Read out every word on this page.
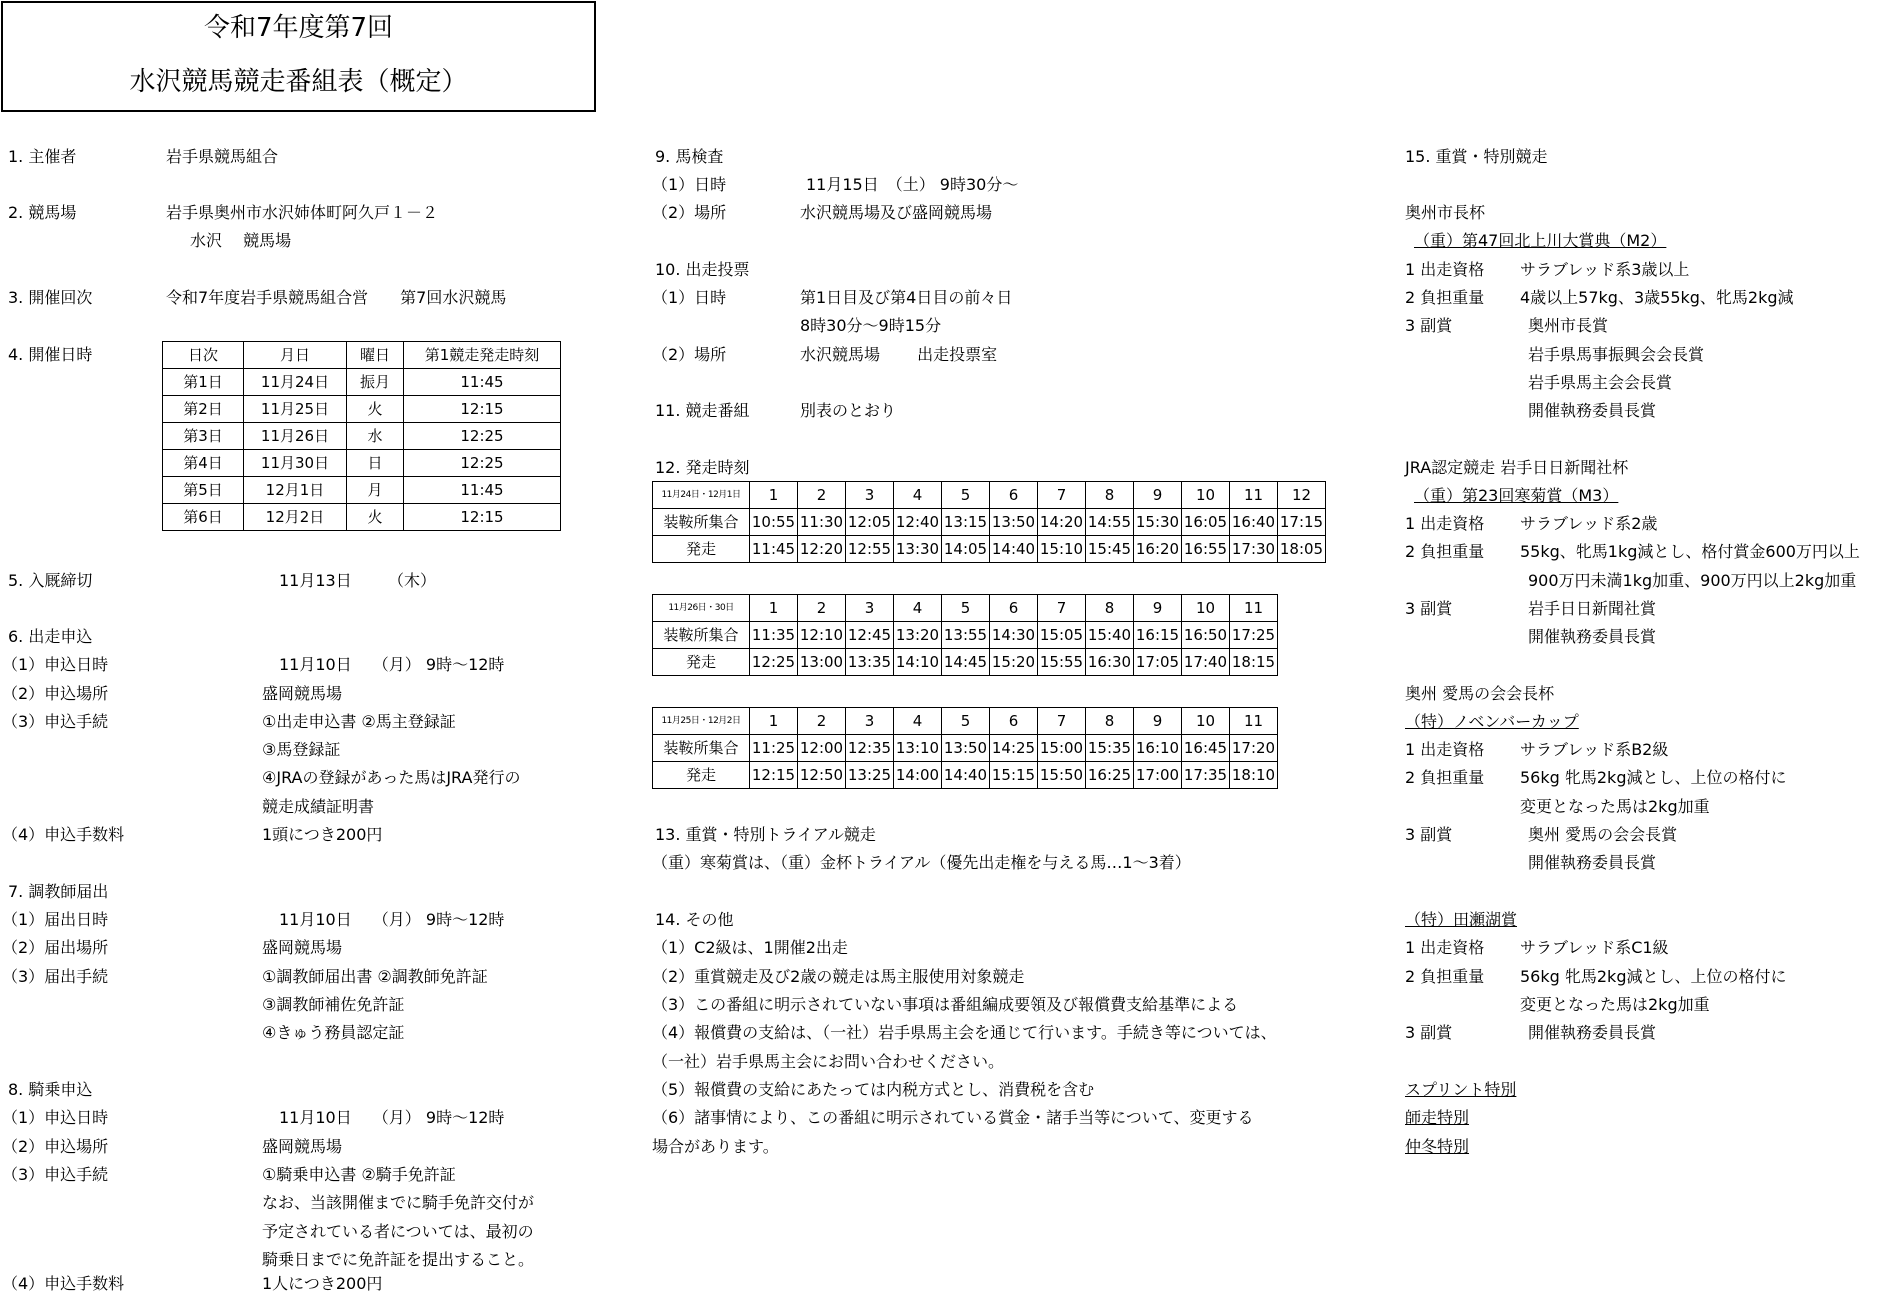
令和7年度第7回
水沢競馬競走番組表（概定）
1. 主催者	岩手県競馬組合
2. 競馬場	岩手県奥州市水沢姉体町阿久戸１－２
水沢　 競馬場
3. 開催回次	令和7年度岩手県競馬組合営　　第7回水沢競馬
4. 開催日時	日次	月日	曜日	第1競走発走時刻
第1日	11月24日	振月	11:45
第2日	11月25日	火	12:15
第3日	11月26日	水	12:25
第4日	11月30日	日	12:25
第5日	12月1日	月	11:45
第6日	12月2日	火	12:15
5. 入厩締切	11月13日 （木）
6. 出走申込
（1）申込日時	11月10日　 （月） 9時～12時
（2）申込場所	盛岡競馬場
（3）申込手続	①出走申込書 ②馬主登録証
③馬登録証
④JRAの登録があった馬はJRA発行の
競走成績証明書
（4）申込手数料	1頭につき200円
7. 調教師届出
（1）届出日時	11月10日　 （月） 9時～12時
（2）届出場所	盛岡競馬場
（3）届出手続	①調教師届出書 ②調教師免許証
③調教師補佐免許証
④きゅう務員認定証
8. 騎乗申込
（1）申込日時	11月10日　 （月） 9時～12時
（2）申込場所	盛岡競馬場
（3）申込手続	①騎乗申込書 ②騎手免許証
なお、当該開催までに騎手免許交付が
予定されている者については、最初の
騎乗日までに免許証を提出すること。
（4）申込手数料	1人につき200円
9. 馬検査
（1）日時	11月15日　（土） 9時30分～
（2）場所	水沢競馬場及び盛岡競馬場
10. 出走投票
（1）日時	第1日目及び第4日目の前々日
8時30分～9時15分
（2）場所	水沢競馬場　　 出走投票室
11. 競走番組	別表のとおり
12. 発走時刻
11月24日・12月1日	1	2	3	4	5	6	7	8	9	10	11	12
装鞍所集合	10:55	11:30	12:05	12:40	13:15	13:50	14:20	14:55	15:30	16:05	16:40	17:15
発走	11:45	12:20	12:55	13:30	14:05	14:40	15:10	15:45	16:20	16:55	17:30	18:05
11月26日・30日	1	2	3	4	5	6	7	8	9	10	11
装鞍所集合	11:35	12:10	12:45	13:20	13:55	14:30	15:05	15:40	16:15	16:50	17:25
発走	12:25	13:00	13:35	14:10	14:45	15:20	15:55	16:30	17:05	17:40	18:15
11月25日・12月2日	1	2	3	4	5	6	7	8	9	10	11
装鞍所集合	11:25	12:00	12:35	13:10	13:50	14:25	15:00	15:35	16:10	16:45	17:20
発走	12:15	12:50	13:25	14:00	14:40	15:15	15:50	16:25	17:00	17:35	18:10
13. 重賞・特別トライアル競走
（重）寒菊賞は、（重）金杯トライアル（優先出走権を与える馬…1～3着）
14. その他
（1）C2級は、1開催2出走
（2）重賞競走及び2歳の競走は馬主服使用対象競走
（3）この番組に明示されていない事項は番組編成要領及び報償費支給基準による
（4）報償費の支給は、（一社）岩手県馬主会を通じて行います。手続き等については、
（一社）岩手県馬主会にお問い合わせください。
（5）報償費の支給にあたっては内税方式とし、消費税を含む
（6）諸事情により、この番組に明示されている賞金・諸手当等について、変更する
場合があります。
15. 重賞・特別競走
奥州市長杯
（重）第47回北上川大賞典（M2）
1 出走資格 サラブレッド系3歳以上
2 負担重量 4歳以上57kg、3歳55kg、牝馬2kg減
3 副賞	奥州市長賞
岩手県馬事振興会会長賞
岩手県馬主会会長賞
開催執務委員長賞
JRA認定競走 岩手日日新聞社杯
（重）第23回寒菊賞（M3）
1 出走資格 サラブレッド系2歳
2 負担重量 55kg、牝馬1kg減とし、格付賞金600万円以上
900万円未満1kg加重、900万円以上2kg加重
3 副賞	岩手日日新聞社賞
開催執務委員長賞
奥州 愛馬の会会長杯
（特）ノベンバーカップ
1 出走資格 サラブレッド系B2級
2 負担重量 56kg 牝馬2kg減とし、上位の格付に
変更となった馬は2kg加重
3 副賞	奥州 愛馬の会会長賞
開催執務委員長賞
（特）田瀬湖賞
1 出走資格 サラブレッド系C1級
2 負担重量 56kg 牝馬2kg減とし、上位の格付に
変更となった馬は2kg加重
3 副賞	開催執務委員長賞
スプリント特別
師走特別
仲冬特別
